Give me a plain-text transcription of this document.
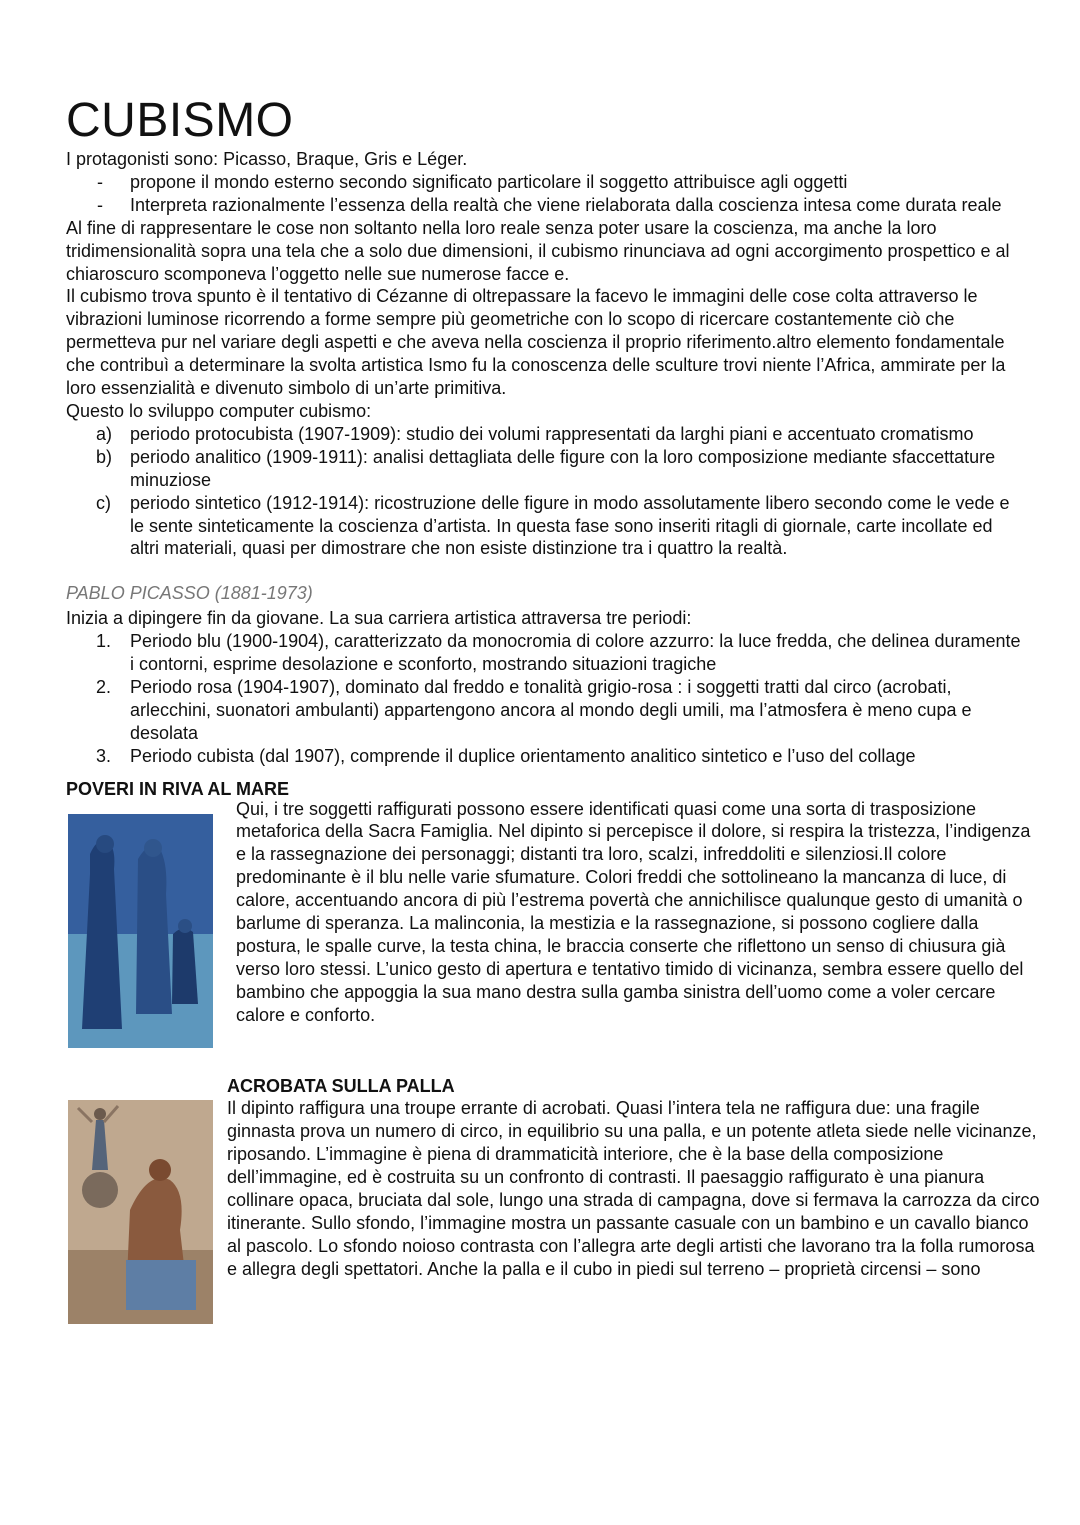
CUBISMO

I protagonisti sono: Picasso, Braque, Gris e Léger.

- propone il mondo esterno secondo significato particolare il soggetto attribuisce agli oggetti
- Interpreta razionalmente l’essenza della realtà che viene rielaborata dalla coscienza intesa come durata reale

Al fine di rappresentare le cose non soltanto nella loro reale senza poter usare la coscienza, ma anche la loro tridimensionalità sopra una tela che a solo due dimensioni, il cubismo rinunciava ad ogni accorgimento prospettico e al chiaroscuro scomponeva l’oggetto nelle sue numerose facce e.

Il cubismo trova spunto è il tentativo di Cézanne di oltrepassare la facevo le immagini delle cose colta attraverso le vibrazioni luminose ricorrendo a forme sempre più geometriche con lo scopo di ricercare costantemente ciò che permetteva pur nel variare degli aspetti e che aveva nella coscienza il proprio riferimento.altro elemento fondamentale che contribuì a determinare la svolta artistica Ismo fu la conoscenza delle sculture trovi niente l’Africa, ammirate per la loro essenzialità e divenuto simbolo di un’arte primitiva.

Questo lo sviluppo computer cubismo:

a) periodo protocubista (1907-1909): studio dei volumi rappresentati da larghi piani e accentuato cromatismo
b) periodo analitico (1909-1911): analisi dettagliata delle figure con la loro composizione mediante sfaccettature minuziose
c) periodo sintetico (1912-1914): ricostruzione delle figure in modo assolutamente libero secondo come le vede e le sente sinteticamente la coscienza d’artista. In questa fase sono inseriti ritagli di giornale, carte incollate ed altri materiali, quasi per dimostrare che non esiste distinzione tra i quattro la realtà.

PABLO PICASSO (1881-1973)

Inizia a dipingere fin da giovane. La sua carriera artistica attraversa tre periodi:

1. Periodo blu (1900-1904), caratterizzato da monocromia di colore azzurro: la luce fredda, che delinea duramente i contorni, esprime desolazione e sconforto, mostrando situazioni tragiche
2. Periodo rosa (1904-1907), dominato dal freddo e tonalità grigio-rosa : i soggetti tratti dal circo (acrobati, arlecchini, suonatori ambulanti) appartengono ancora al mondo degli umili, ma l’atmosfera è meno cupa e desolata
3. Periodo cubista (dal 1907), comprende il duplice orientamento analitico sintetico e l’uso del collage

POVERI IN RIVA AL MARE

Qui, i tre soggetti raffigurati possono essere identificati quasi come una sorta di trasposizione metaforica della Sacra Famiglia. Nel dipinto si percepisce il dolore, si respira la tristezza, l’indigenza e la rassegnazione dei personaggi; distanti tra loro, scalzi, infreddoliti e silenziosi.Il colore predominante è il blu nelle varie sfumature. Colori freddi che sottolineano la mancanza di luce, di calore, accentuando ancora di più l’estrema povertà che annichilisce qualunque gesto di umanità o barlume di speranza. La malinconia, la mestizia e la rassegnazione, si possono cogliere dalla postura, le spalle curve, la testa china, le braccia conserte che riflettono un senso di chiusura già verso loro stessi. L’unico gesto di apertura e tentativo timido di vicinanza, sembra essere quello del bambino che appoggia la sua mano destra sulla gamba sinistra dell’uomo come a voler cercare calore e conforto.

ACROBATA SULLA PALLA

Il dipinto raffigura una troupe errante di acrobati. Quasi l’intera tela ne raffigura due: una fragile ginnasta prova un numero di circo, in equilibrio su una palla, e un potente atleta siede nelle vicinanze, riposando. L’immagine è piena di drammaticità interiore, che è la base della composizione dell’immagine, ed è costruita su un confronto di contrasti. Il paesaggio raffigurato è una pianura collinare opaca, bruciata dal sole, lungo una strada di campagna, dove si fermava la carrozza da circo itinerante. Sullo sfondo, l’immagine mostra un passante casuale con un bambino e un cavallo bianco al pascolo. Lo sfondo noioso contrasta con l’allegra arte degli artisti che lavorano tra la folla rumorosa e allegra degli spettatori. Anche la palla e il cubo in piedi sul terreno – proprietà circensi – sono
